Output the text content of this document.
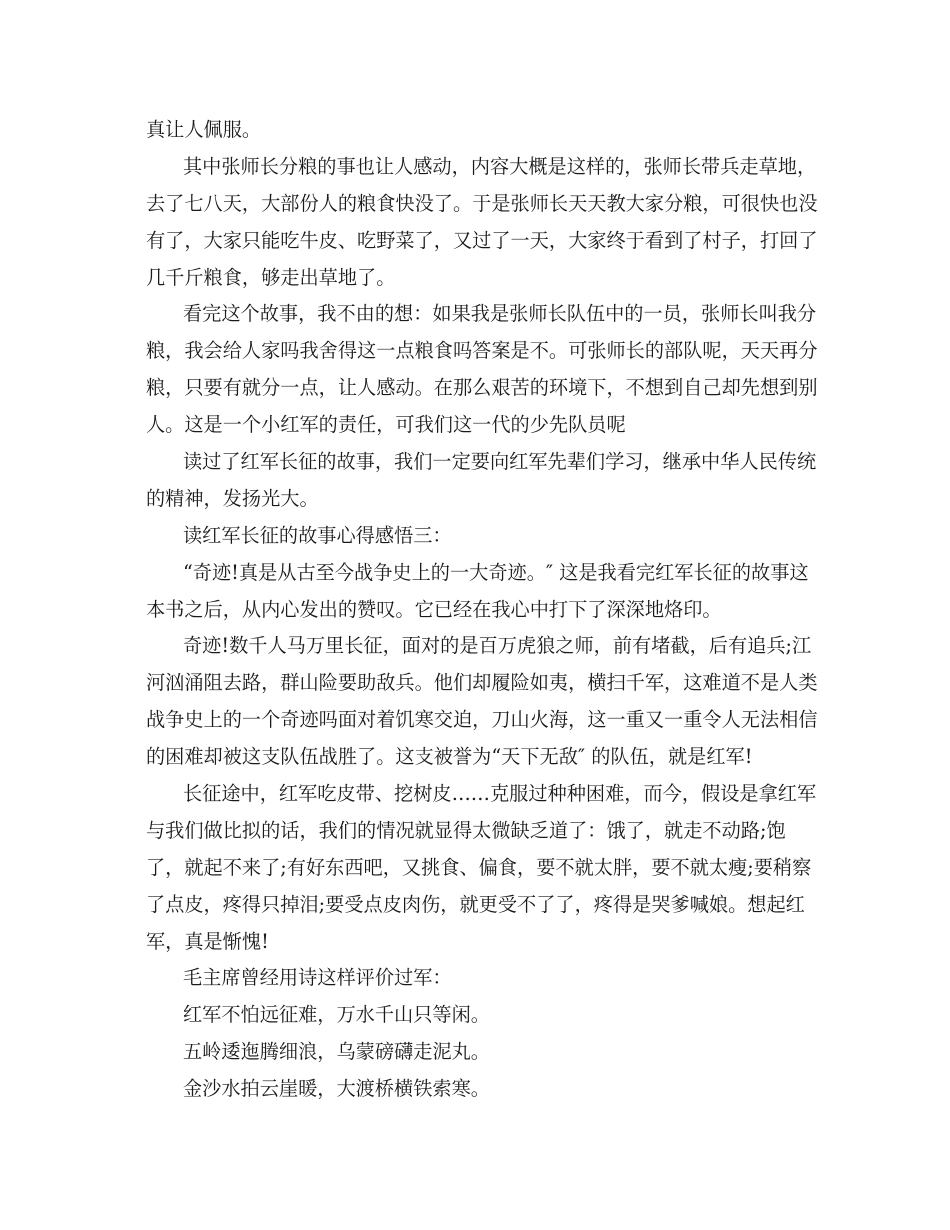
真让人佩服。
其中张师长分粮的事也让人感动，内容大概是这样的，张师长带兵走草地，
去了七八天，大部份人的粮食快没了。于是张师长天天教大家分粮，可很快也没
有了，大家只能吃牛皮、吃野菜了，又过了一天，大家终于看到了村子，打回了
几千斤粮食，够走出草地了。
看完这个故事，我不由的想：如果我是张师长队伍中的一员，张师长叫我分
粮，我会给人家吗我舍得这一点粮食吗答案是不。可张师长的部队呢，天天再分
粮，只要有就分一点，让人感动。在那么艰苦的环境下，不想到自己却先想到别
人。这是一个小红军的责任，可我们这一代的少先队员呢
读过了红军长征的故事，我们一定要向红军先辈们学习，继承中华人民传统
的精神，发扬光大。
读红军长征的故事心得感悟三：
“奇迹!真是从古至今战争史上的一大奇迹。″ 这是我看完红军长征的故事这
本书之后，从内心发出的赞叹。它已经在我心中打下了深深地烙印。
奇迹!数千人马万里长征，面对的是百万虎狼之师，前有堵截，后有追兵;江
河汹涌阻去路，群山险要助敌兵。他们却履险如夷，横扫千军，这难道不是人类
战争史上的一个奇迹吗面对着饥寒交迫，刀山火海，这一重又一重令人无法相信
的困难却被这支队伍战胜了。这支被誉为“天下无敌″ 的队伍，就是红军!
长征途中，红军吃皮带、挖树皮……克服过种种困难，而今，假设是拿红军
与我们做比拟的话，我们的情况就显得太微缺乏道了：饿了，就走不动路;饱
了，就起不来了;有好东西吧，又挑食、偏食，要不就太胖，要不就太瘦;要稍察
了点皮，疼得只掉泪;要受点皮肉伤，就更受不了了，疼得是哭爹喊娘。想起红
军，真是惭愧!
毛主席曾经用诗这样评价过军：
红军不怕远征难，万水千山只等闲。
五岭逶迤腾细浪，乌蒙磅礴走泥丸。
金沙水拍云崖暖，大渡桥横铁索寒。
